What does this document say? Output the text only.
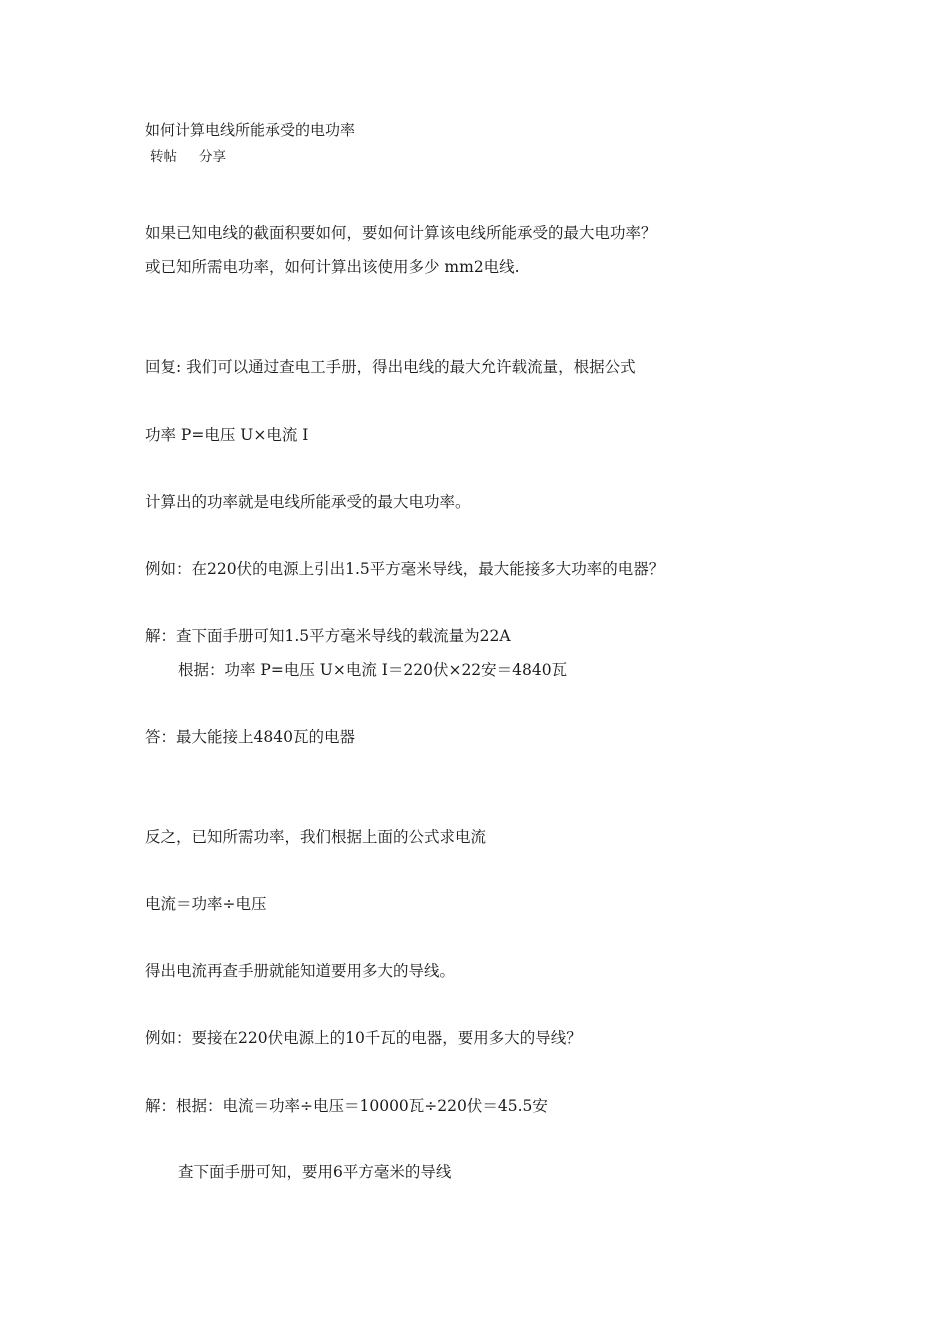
如何计算电线所能承受的电功率
转帖 分享
如果已知电线的截面积要如何，要如何计算该电线所能承受的最大电功率？
或已知所需电功率，如何计算出该使用多少 mm2电线.
回复: 我们可以通过查电工手册，得出电线的最大允许载流量，根据公式
功率 P=电压 U×电流 I
计算出的功率就是电线所能承受的最大电功率。
例如：在220伏的电源上引出1.5平方毫米导线，最大能接多大功率的电器？
解：查下面手册可知1.5平方毫米导线的载流量为22A
根据：功率 P=电压 U×电流 I＝220伏×22安＝4840瓦
答：最大能接上4840瓦的电器
反之，已知所需功率，我们根据上面的公式求电流
电流＝功率÷电压
得出电流再查手册就能知道要用多大的导线。
例如：要接在220伏电源上的10千瓦的电器，要用多大的导线？
解：根据：电流＝功率÷电压＝10000瓦÷220伏＝45.5安
查下面手册可知，要用6平方毫米的导线
